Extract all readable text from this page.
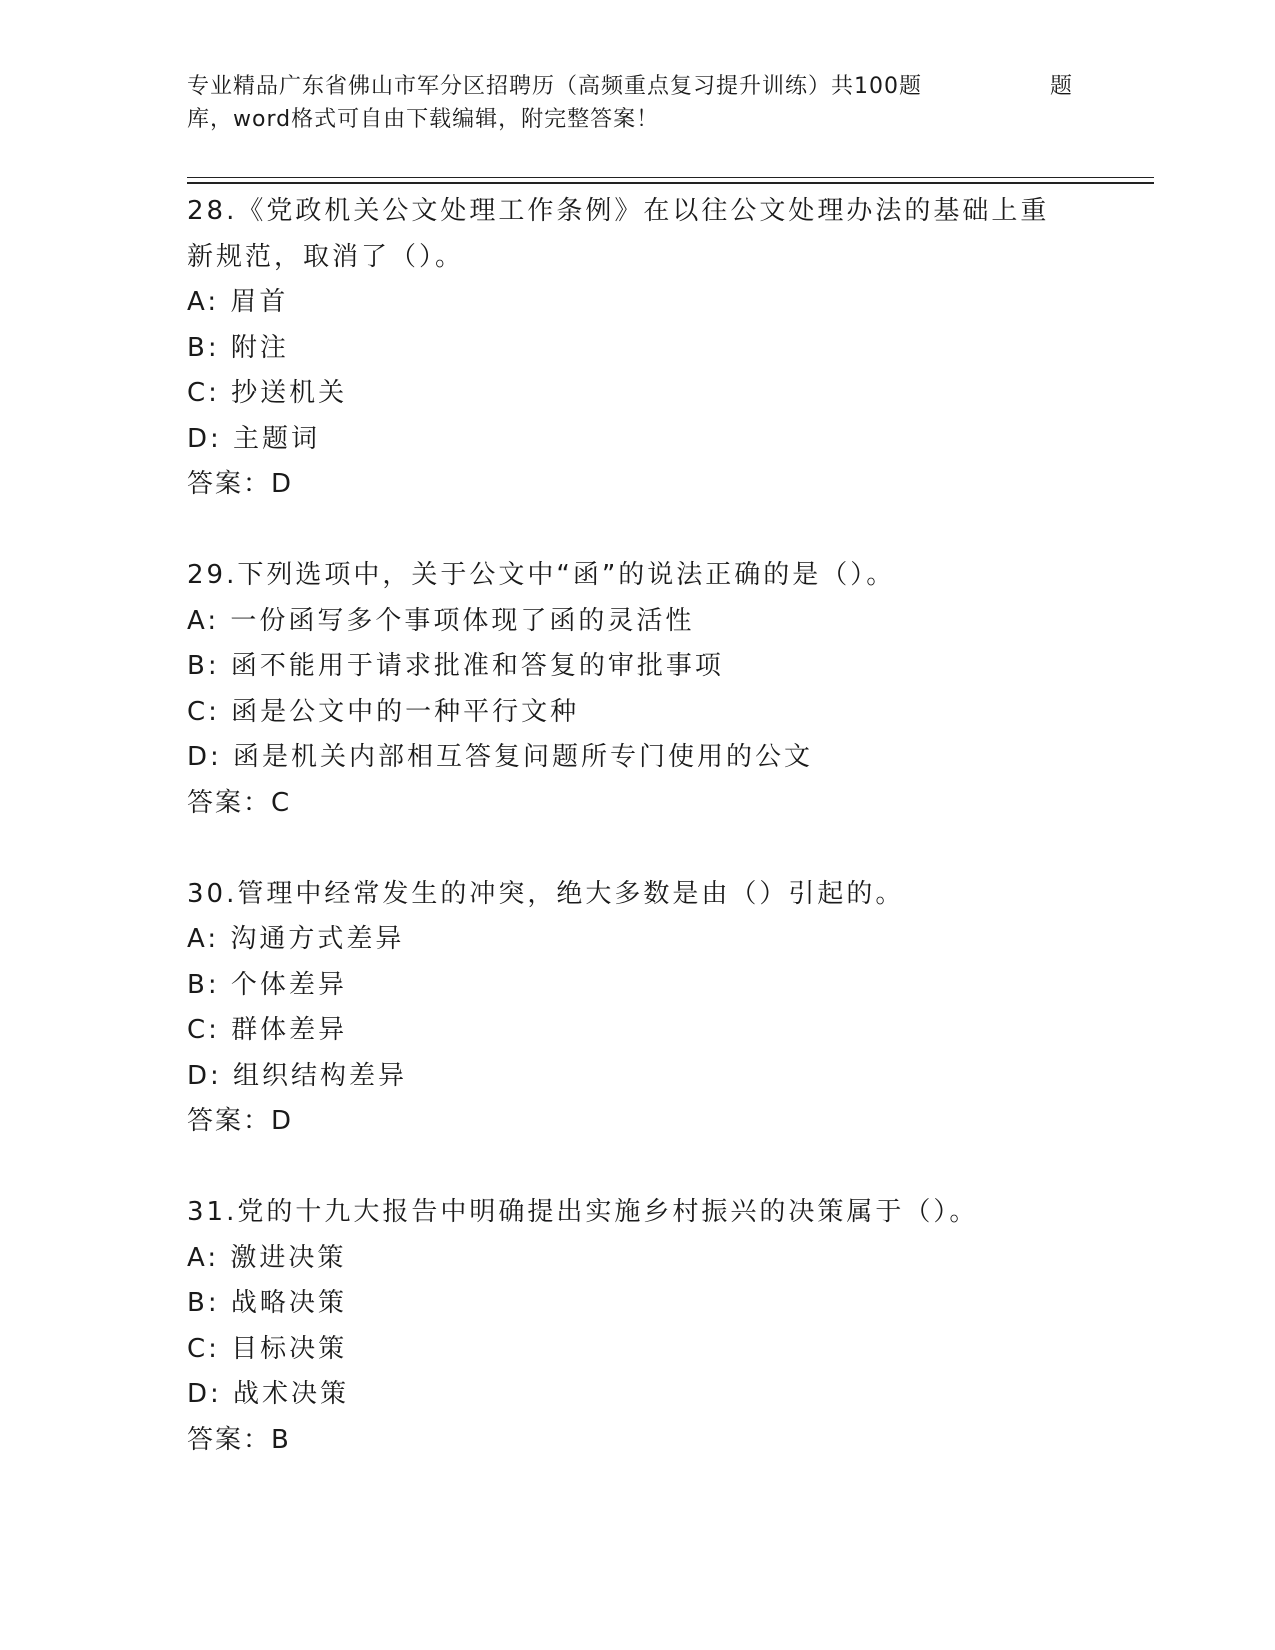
专业精品广东省佛山市军分区招聘历（高频重点复习提升训练）共100题	题
库，word格式可自由下载编辑，附完整答案！
28.《党政机关公文处理工作条例》在以往公文处理办法的基础上重新规范，取消了（）。
A: 眉首
B: 附注
C: 抄送机关
D: 主题词
答案：D
29.下列选项中，关于公文中“函”的说法正确的是（）。
A: 一份函写多个事项体现了函的灵活性
B: 函不能用于请求批准和答复的审批事项
C: 函是公文中的一种平行文种
D: 函是机关内部相互答复问题所专门使用的公文
答案：C
30.管理中经常发生的冲突，绝大多数是由（）引起的。
A: 沟通方式差异
B: 个体差异
C: 群体差异
D: 组织结构差异
答案：D
31.党的十九大报告中明确提出实施乡村振兴的决策属于（）。
A: 激进决策
B: 战略决策
C: 目标决策
D: 战术决策
答案：B
